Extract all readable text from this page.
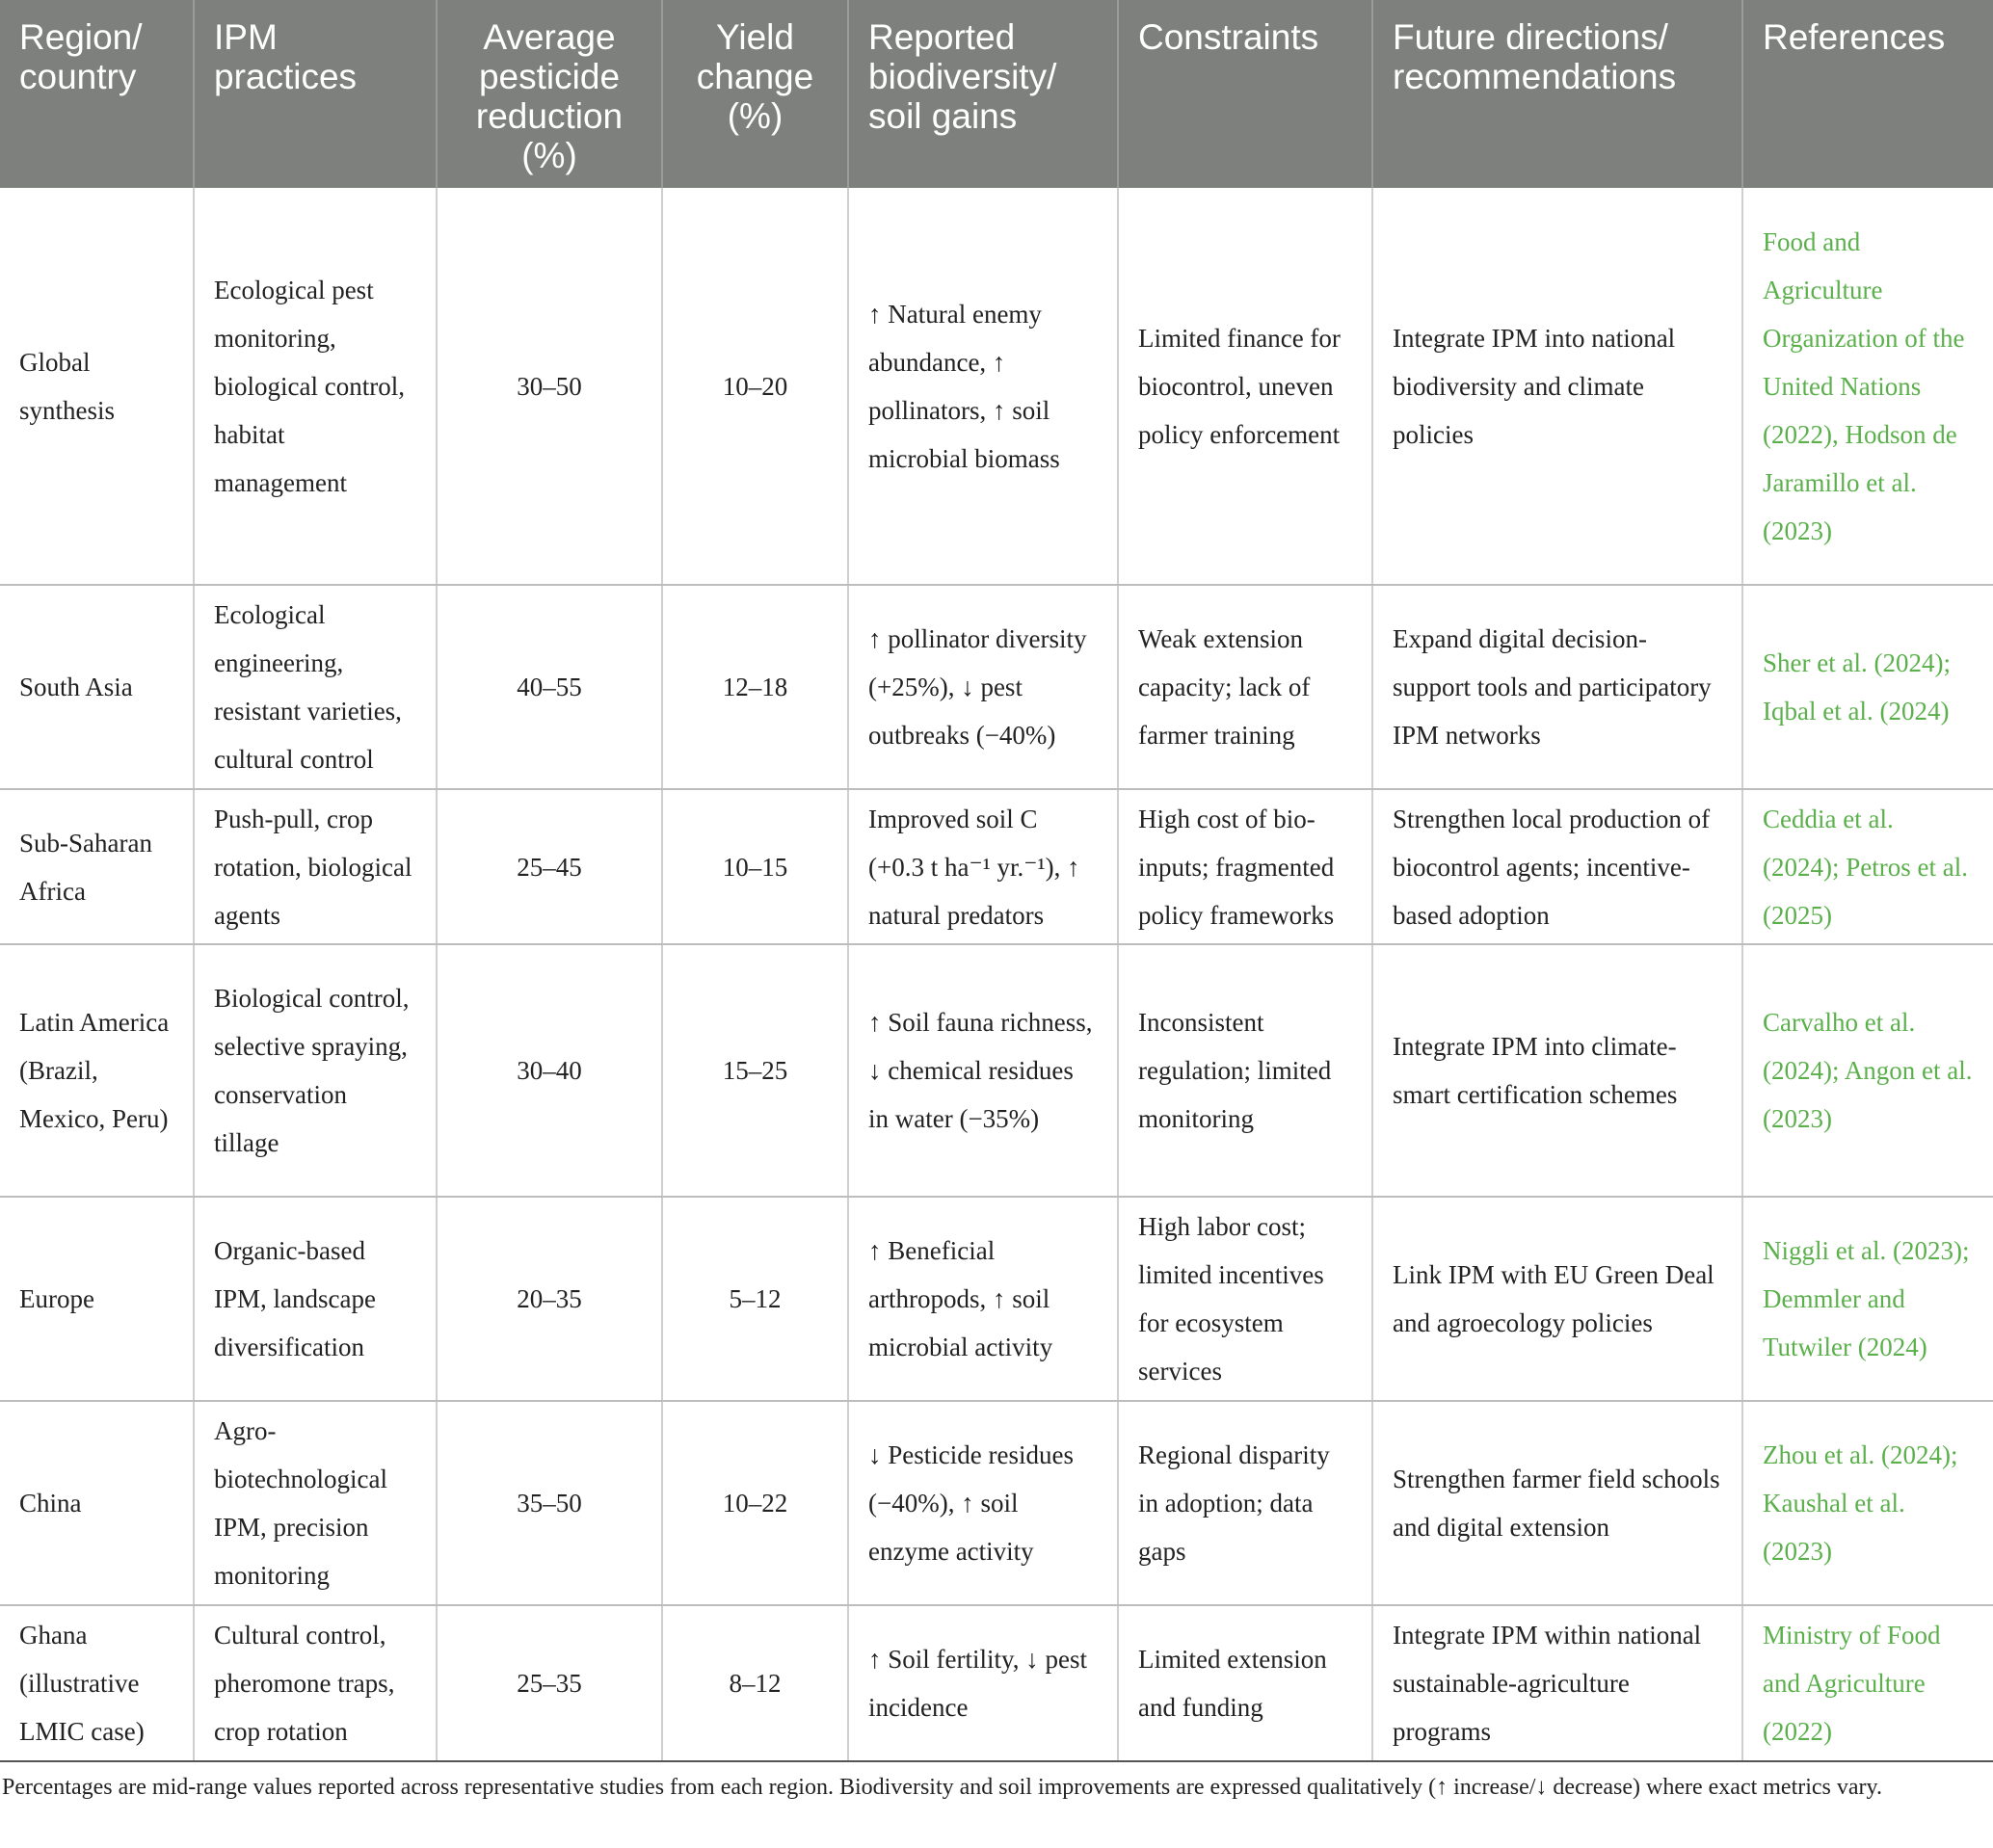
Region/ country	IPM practices	Average pesticide reduction (%)	Yield change (%)	Reported biodiversity/ soil gains	Constraints	Future directions/ recommendations	References
Global synthesis	Ecological pest monitoring, biological control, habitat management	30–50	10–20	↑ Natural enemy abundance, ↑ pollinators, ↑ soil microbial biomass	Limited finance for biocontrol, uneven policy enforcement	Integrate IPM into national biodiversity and climate policies	Food and Agriculture Organization of the United Nations (2022), Hodson de Jaramillo et al. (2023)
South Asia	Ecological engineering, resistant varieties, cultural control	40–55	12–18	↑ pollinator diversity (+25%), ↓ pest outbreaks (−40%)	Weak extension capacity; lack of farmer training	Expand digital decision-support tools and participatory IPM networks	Sher et al. (2024); Iqbal et al. (2024)
Sub-Saharan Africa	Push-pull, crop rotation, biological agents	25–45	10–15	Improved soil C (+0.3 t ha⁻¹ yr.⁻¹), ↑ natural predators	High cost of bio-inputs; fragmented policy frameworks	Strengthen local production of biocontrol agents; incentive-based adoption	Ceddia et al. (2024); Petros et al. (2025)
Latin America (Brazil, Mexico, Peru)	Biological control, selective spraying, conservation tillage	30–40	15–25	↑ Soil fauna richness, ↓ chemical residues in water (−35%)	Inconsistent regulation; limited monitoring	Integrate IPM into climate-smart certification schemes	Carvalho et al. (2024); Angon et al. (2023)
Europe	Organic-based IPM, landscape diversification	20–35	5–12	↑ Beneficial arthropods, ↑ soil microbial activity	High labor cost; limited incentives for ecosystem services	Link IPM with EU Green Deal and agroecology policies	Niggli et al. (2023); Demmler and Tutwiler (2024)
China	Agro-biotechnological IPM, precision monitoring	35–50	10–22	↓ Pesticide residues (−40%), ↑ soil enzyme activity	Regional disparity in adoption; data gaps	Strengthen farmer field schools and digital extension	Zhou et al. (2024); Kaushal et al. (2023)
Ghana (illustrative LMIC case)	Cultural control, pheromone traps, crop rotation	25–35	8–12	↑ Soil fertility, ↓ pest incidence	Limited extension and funding	Integrate IPM within national sustainable-agriculture programs	Ministry of Food and Agriculture (2022)
Percentages are mid-range values reported across representative studies from each region. Biodiversity and soil improvements are expressed qualitatively (↑ increase/↓ decrease) where exact metrics vary.
